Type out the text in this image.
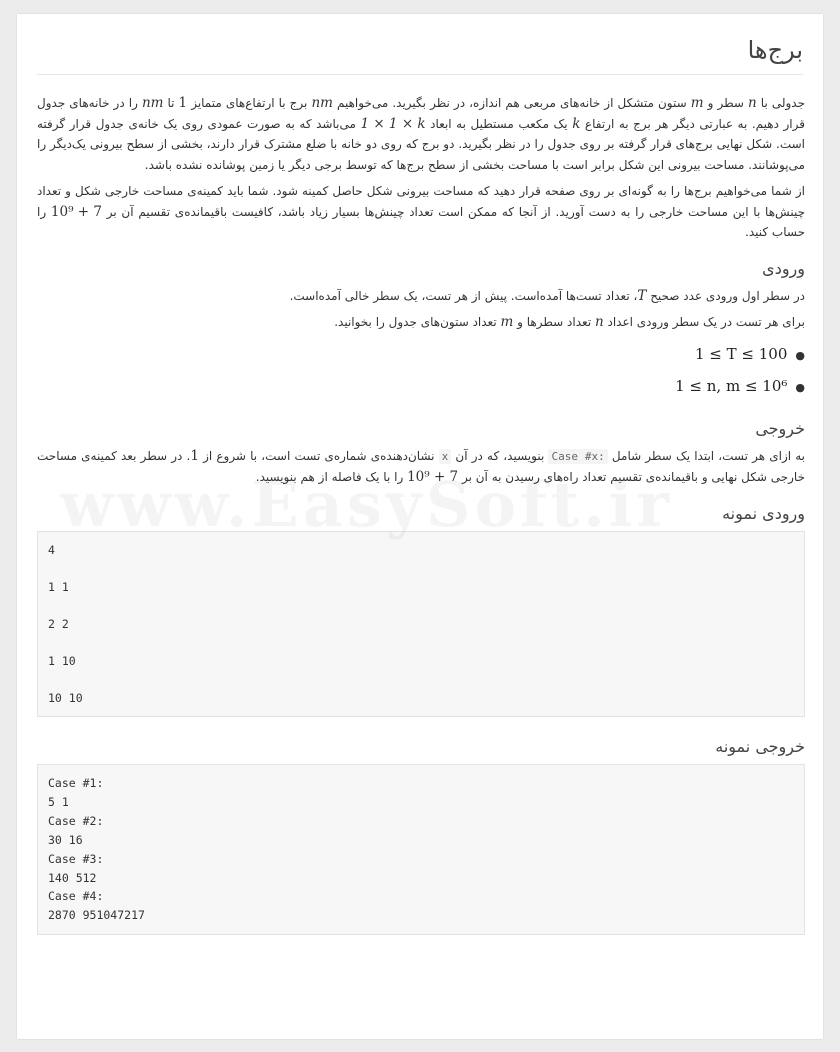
برج‌ها

جدولی با n سطر و m ستون متشکل از خانه‌های مربعی هم اندازه، در نظر بگیرید. می‌خواهیم nm برج با ارتفاع‌های متمایز 1 تا nm را در خانه‌های جدول قرار دهیم. به عبارتی دیگر هر برج به ارتفاع k یک مکعب مستطیل به ابعاد 1 × 1 × k می‌باشد که به صورت عمودی روی یک خانه‌ی جدول قرار گرفته است. شکل نهایی برج‌های قرار گرفته بر روی جدول را در نظر بگیرید. دو برج که روی دو خانه با ضلع مشترک قرار دارند، بخشی از سطح بیرونی یک‌دیگر را می‌پوشانند. مساحت بیرونی این شکل برابر است با مساحت بخشی از سطح برج‌ها که توسط برجی دیگر یا زمین پوشانده نشده باشد.

از شما می‌خواهیم برج‌ها را به گونه‌ای بر روی صفحه قرار دهید که مساحت بیرونی شکل حاصل کمینه شود. شما باید کمینه‌ی مساحت خارجی شکل و تعداد چینش‌ها با این مساحت خارجی را به دست آورید. از آنجا که ممکن است تعداد چینش‌ها بسیار زیاد باشد، کافیست باقیمانده‌ی تقسیم آن بر 10⁹ + 7 را حساب کنید.

ورودی

در سطر اول ورودی عدد صحیح T، تعداد تست‌ها آمده‌است. پیش از هر تست، یک سطر خالی آمده‌است.

برای هر تست در یک سطر ورودی اعداد n تعداد سطرها و m تعداد ستون‌های جدول را بخوانید.

●1 ≤ T ≤ 100
●1 ≤ n, m ≤ 10⁶
خروجی

به ازای هر تست، ابتدا یک سطر شامل Case #x: بنویسید، که در آن x نشان‌دهنده‌ی شماره‌ی تست است، با شروع از 1. در سطر بعد کمینه‌ی مساحت خارجی شکل نهایی و باقیمانده‌ی تقسیم تعداد راه‌های رسیدن به آن بر 10⁹ + 7 را با یک فاصله از هم بنویسید.

ورودی نمونه
4

1 1

2 2

1 10

10 10
خروجی نمونه
Case #1:
5 1
Case #2:
30 16
Case #3:
140 512
Case #4:
2870 951047217
